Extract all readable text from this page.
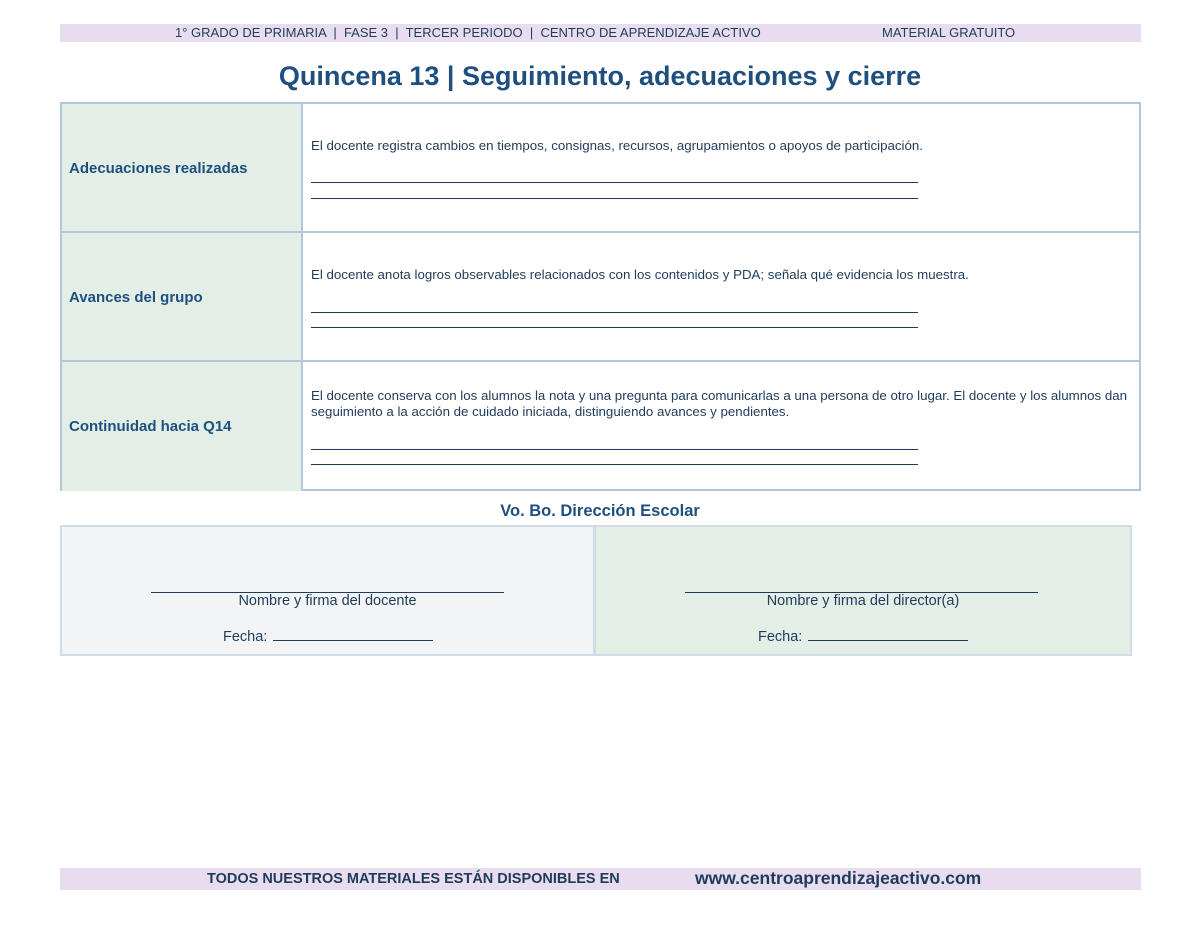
1° GRADO DE PRIMARIA  |  FASE 3  |  TERCER PERIODO  |  CENTRO DE APRENDIZAJE ACTIVO	MATERIAL GRATUITO
Quincena 13 | Seguimiento, adecuaciones y cierre
Adecuaciones realizadas
El docente registra cambios en tiempos, consignas, recursos, agrupamientos o apoyos de participación.
Avances del grupo
El docente anota logros observables relacionados con los contenidos y PDA; señala qué evidencia los muestra.
Continuidad hacia Q14
El docente conserva con los alumnos la nota y una pregunta para comunicarlas a una persona de otro lugar. El docente y los alumnos dan seguimiento a la acción de cuidado iniciada, distinguiendo avances y pendientes.
Vo. Bo. Dirección Escolar
Nombre y firma del docente
Fecha:
Nombre y firma del director(a)
Fecha:
TODOS NUESTROS MATERIALES ESTÁN DISPONIBLES EN	www.centroaprendizajeactivo.com
